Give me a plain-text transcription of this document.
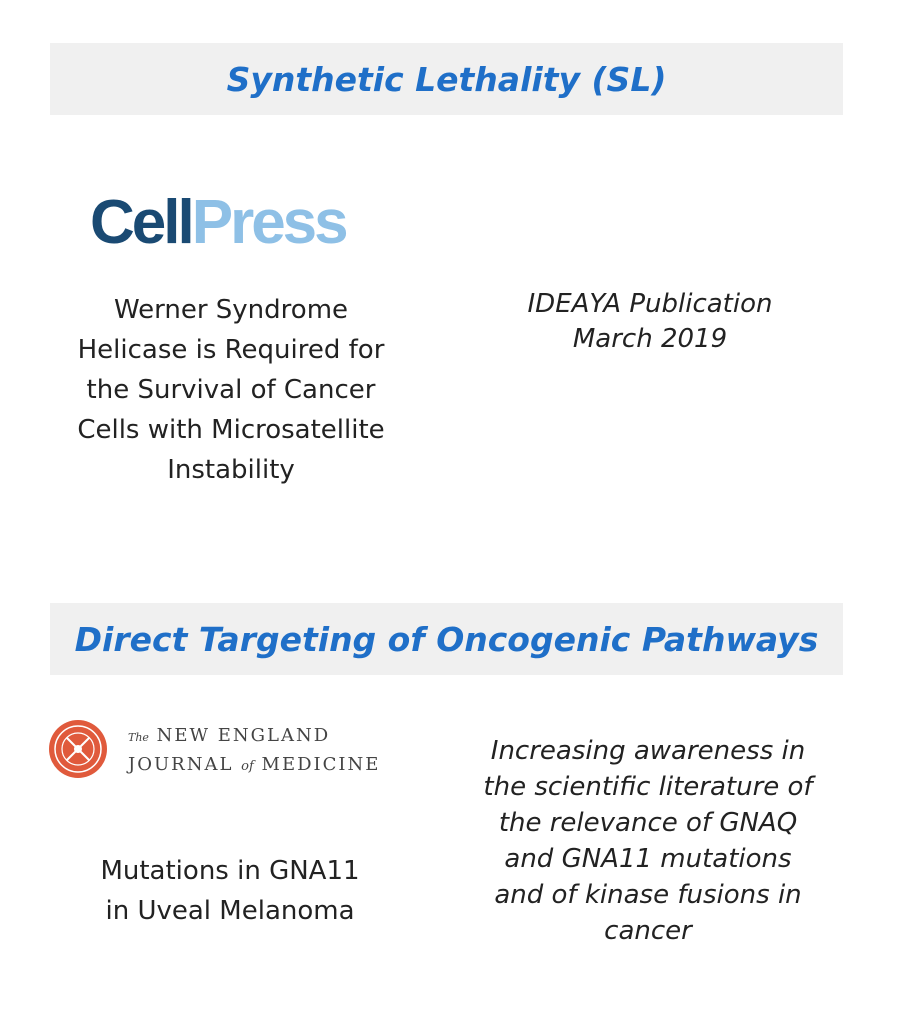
Synthetic Lethality (SL)
CellPress
Werner Syndrome
Helicase is Required for
the Survival of Cancer
Cells with Microsatellite
Instability
IDEAYA Publication
March 2019
Direct Targeting of Oncogenic Pathways
The NEW ENGLAND
JOURNAL of MEDICINE
Mutations in GNA11
in Uveal Melanoma
Increasing awareness in
the scientific literature of
the relevance of GNAQ
and GNA11 mutations
and of kinase fusions in
cancer
